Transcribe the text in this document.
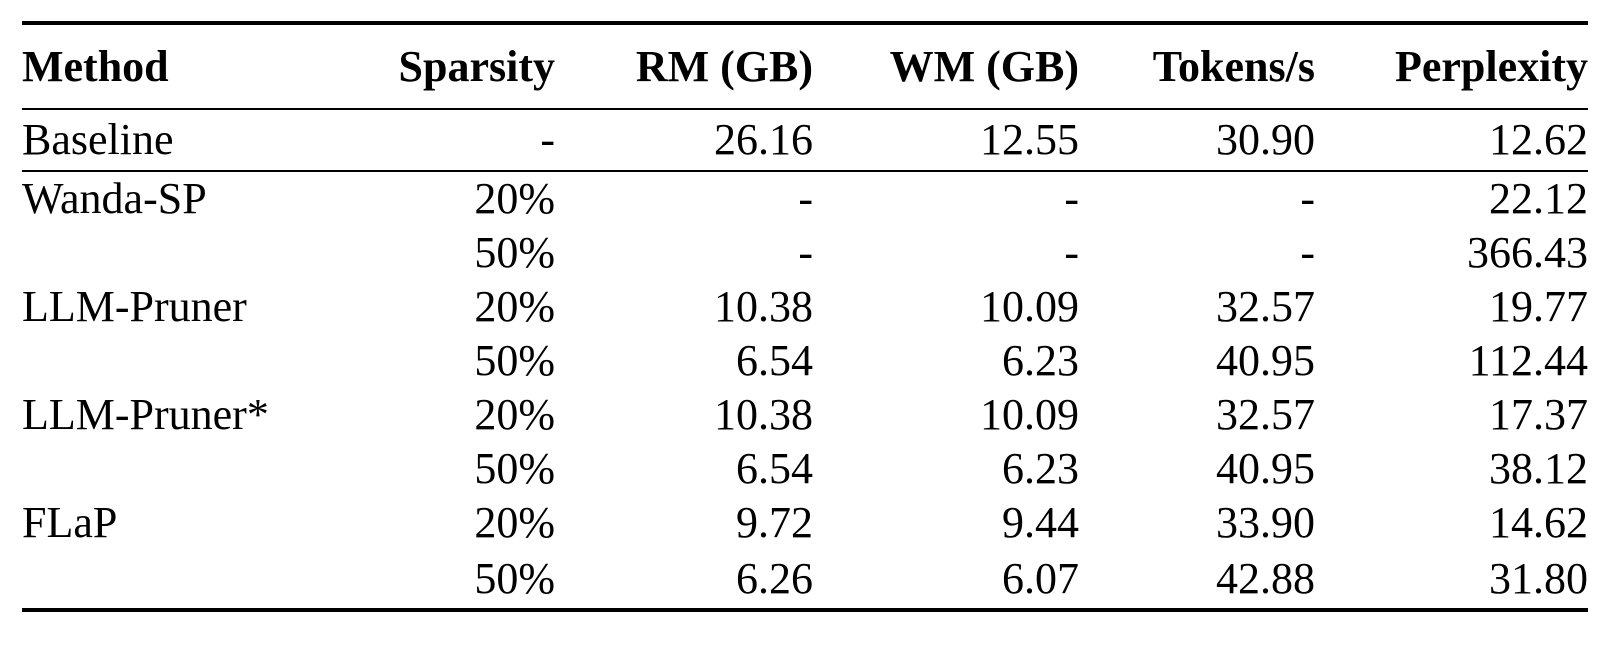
Method	Sparsity	RM (GB)	WM (GB)	Tokens/s	Perplexity
Baseline	-	26.16	12.55	30.90	12.62
Wanda-SP	20%	-	-	-	22.12
	50%	-	-	-	366.43
LLM-Pruner	20%	10.38	10.09	32.57	19.77
	50%	6.54	6.23	40.95	112.44
LLM-Pruner*	20%	10.38	10.09	32.57	17.37
	50%	6.54	6.23	40.95	38.12
FLaP	20%	9.72	9.44	33.90	14.62
	50%	6.26	6.07	42.88	31.80
